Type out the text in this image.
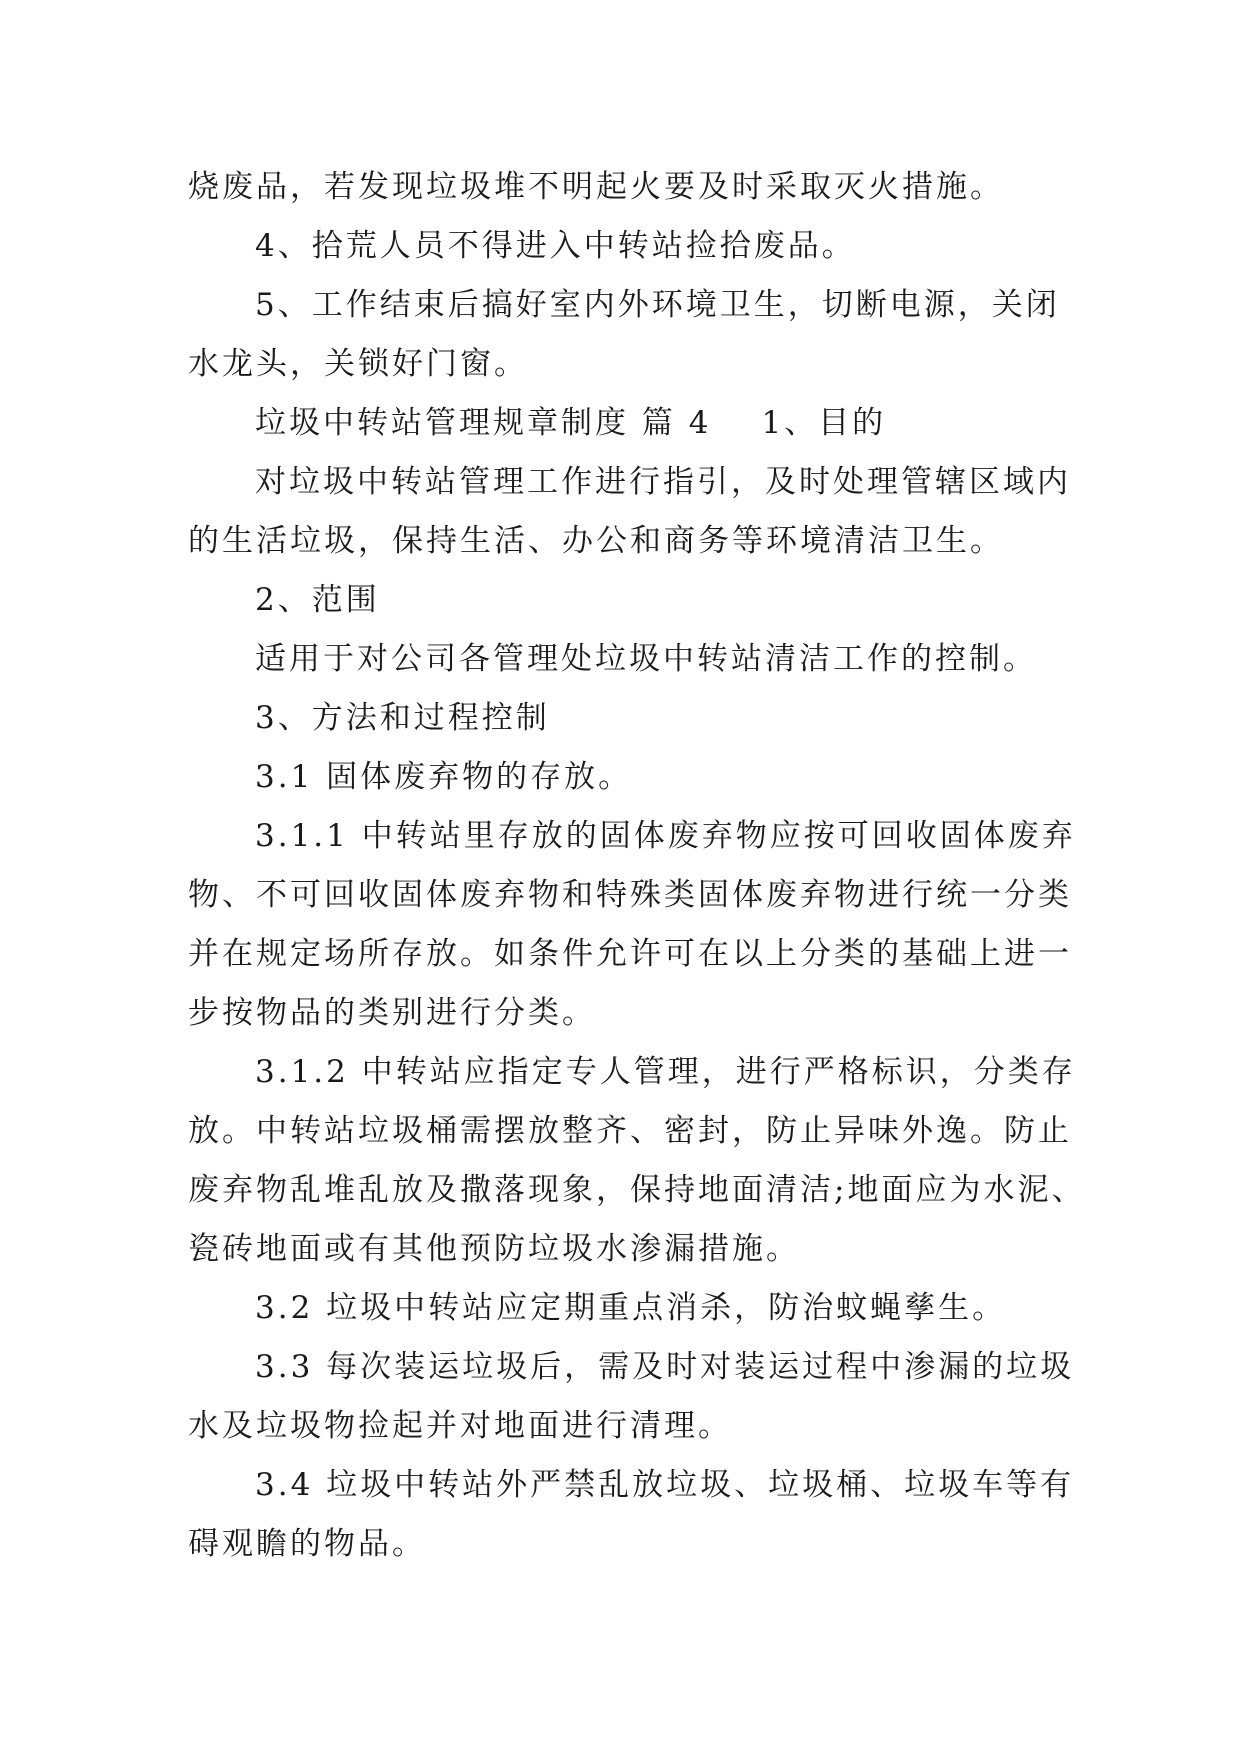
烧废品，若发现垃圾堆不明起火要及时采取灭火措施。
4、拾荒人员不得进入中转站捡拾废品。
5、工作结束后搞好室内外环境卫生，切断电源，关闭
水龙头，关锁好门窗。
垃圾中转站管理规章制度 篇 4 1、目的
对垃圾中转站管理工作进行指引，及时处理管辖区域内
的生活垃圾，保持生活、办公和商务等环境清洁卫生。
2、范围
适用于对公司各管理处垃圾中转站清洁工作的控制。
3、方法和过程控制
3.1 固体废弃物的存放。
3.1.1 中转站里存放的固体废弃物应按可回收固体废弃
物、不可回收固体废弃物和特殊类固体废弃物进行统一分类
并在规定场所存放。如条件允许可在以上分类的基础上进一
步按物品的类别进行分类。
3.1.2 中转站应指定专人管理，进行严格标识，分类存
放。中转站垃圾桶需摆放整齐、密封，防止异味外逸。防止
废弃物乱堆乱放及撒落现象，保持地面清洁;地面应为水泥、
瓷砖地面或有其他预防垃圾水渗漏措施。
3.2 垃圾中转站应定期重点消杀，防治蚊蝇孳生。
3.3 每次装运垃圾后，需及时对装运过程中渗漏的垃圾
水及垃圾物捡起并对地面进行清理。
3.4 垃圾中转站外严禁乱放垃圾、垃圾桶、垃圾车等有
碍观瞻的物品。
